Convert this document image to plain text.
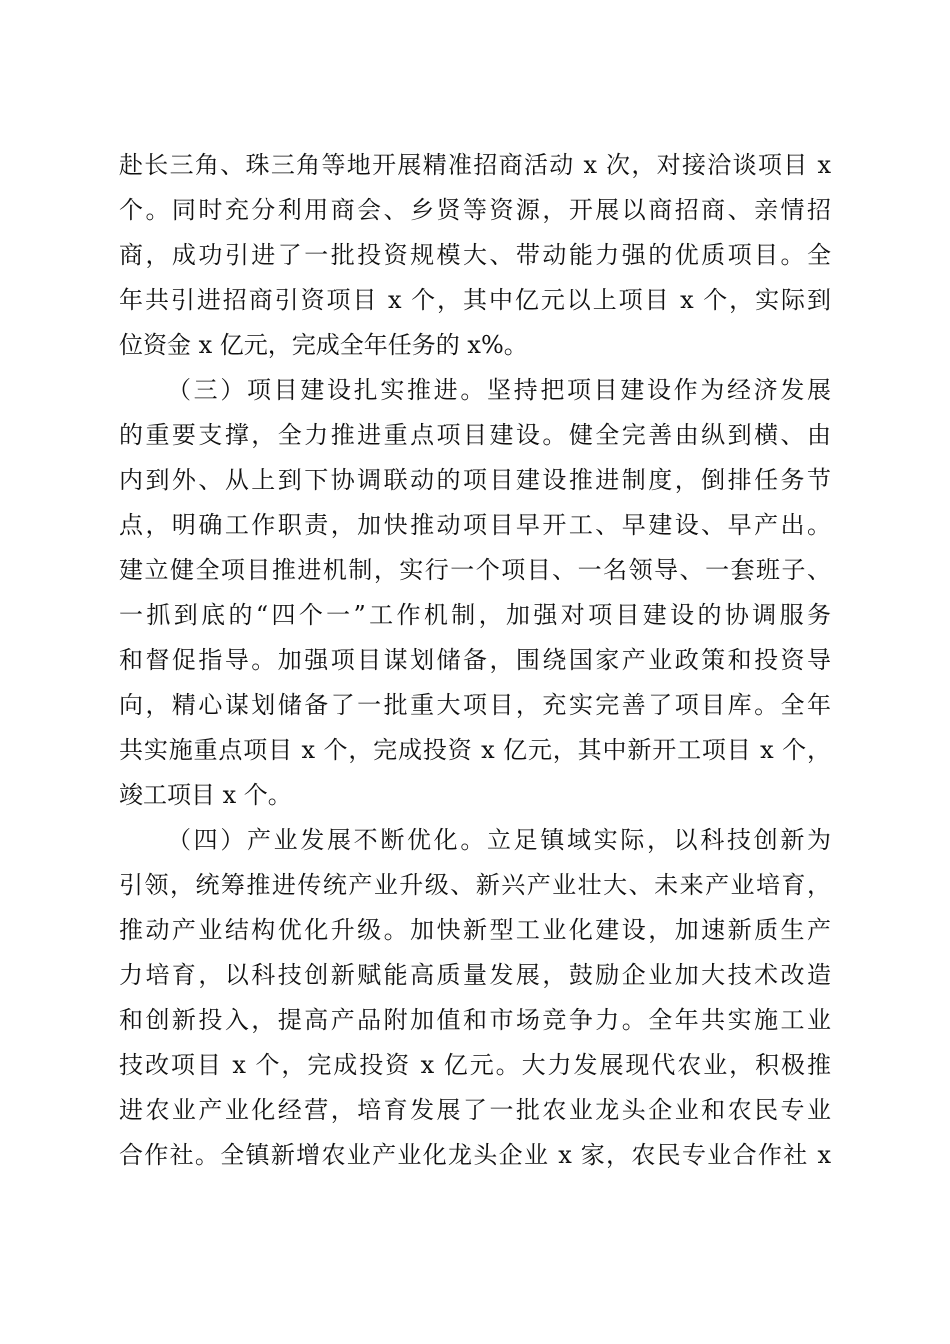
赴长三角、珠三角等地开展精准招商活动 x 次，对接洽谈项目 x
个。同时充分利用商会、乡贤等资源，开展以商招商、亲情招
商，成功引进了一批投资规模大、带动能力强的优质项目。全
年共引进招商引资项目 x 个，其中亿元以上项目 x 个，实际到
位资金 x 亿元，完成全年任务的 x%。
（三）项目建设扎实推进。坚持把项目建设作为经济发展
的重要支撑，全力推进重点项目建设。健全完善由纵到横、由
内到外、从上到下协调联动的项目建设推进制度，倒排任务节
点，明确工作职责，加快推动项目早开工、早建设、早产出。
建立健全项目推进机制，实行一个项目、一名领导、一套班子、
一抓到底的“四个一”工作机制，加强对项目建设的协调服务
和督促指导。加强项目谋划储备，围绕国家产业政策和投资导
向，精心谋划储备了一批重大项目，充实完善了项目库。全年
共实施重点项目 x 个，完成投资 x 亿元，其中新开工项目 x 个，
竣工项目 x 个。
（四）产业发展不断优化。立足镇域实际，以科技创新为
引领，统筹推进传统产业升级、新兴产业壮大、未来产业培育，
推动产业结构优化升级。加快新型工业化建设，加速新质生产
力培育，以科技创新赋能高质量发展，鼓励企业加大技术改造
和创新投入，提高产品附加值和市场竞争力。全年共实施工业
技改项目 x 个，完成投资 x 亿元。大力发展现代农业，积极推
进农业产业化经营，培育发展了一批农业龙头企业和农民专业
合作社。全镇新增农业产业化龙头企业 x 家，农民专业合作社 x
